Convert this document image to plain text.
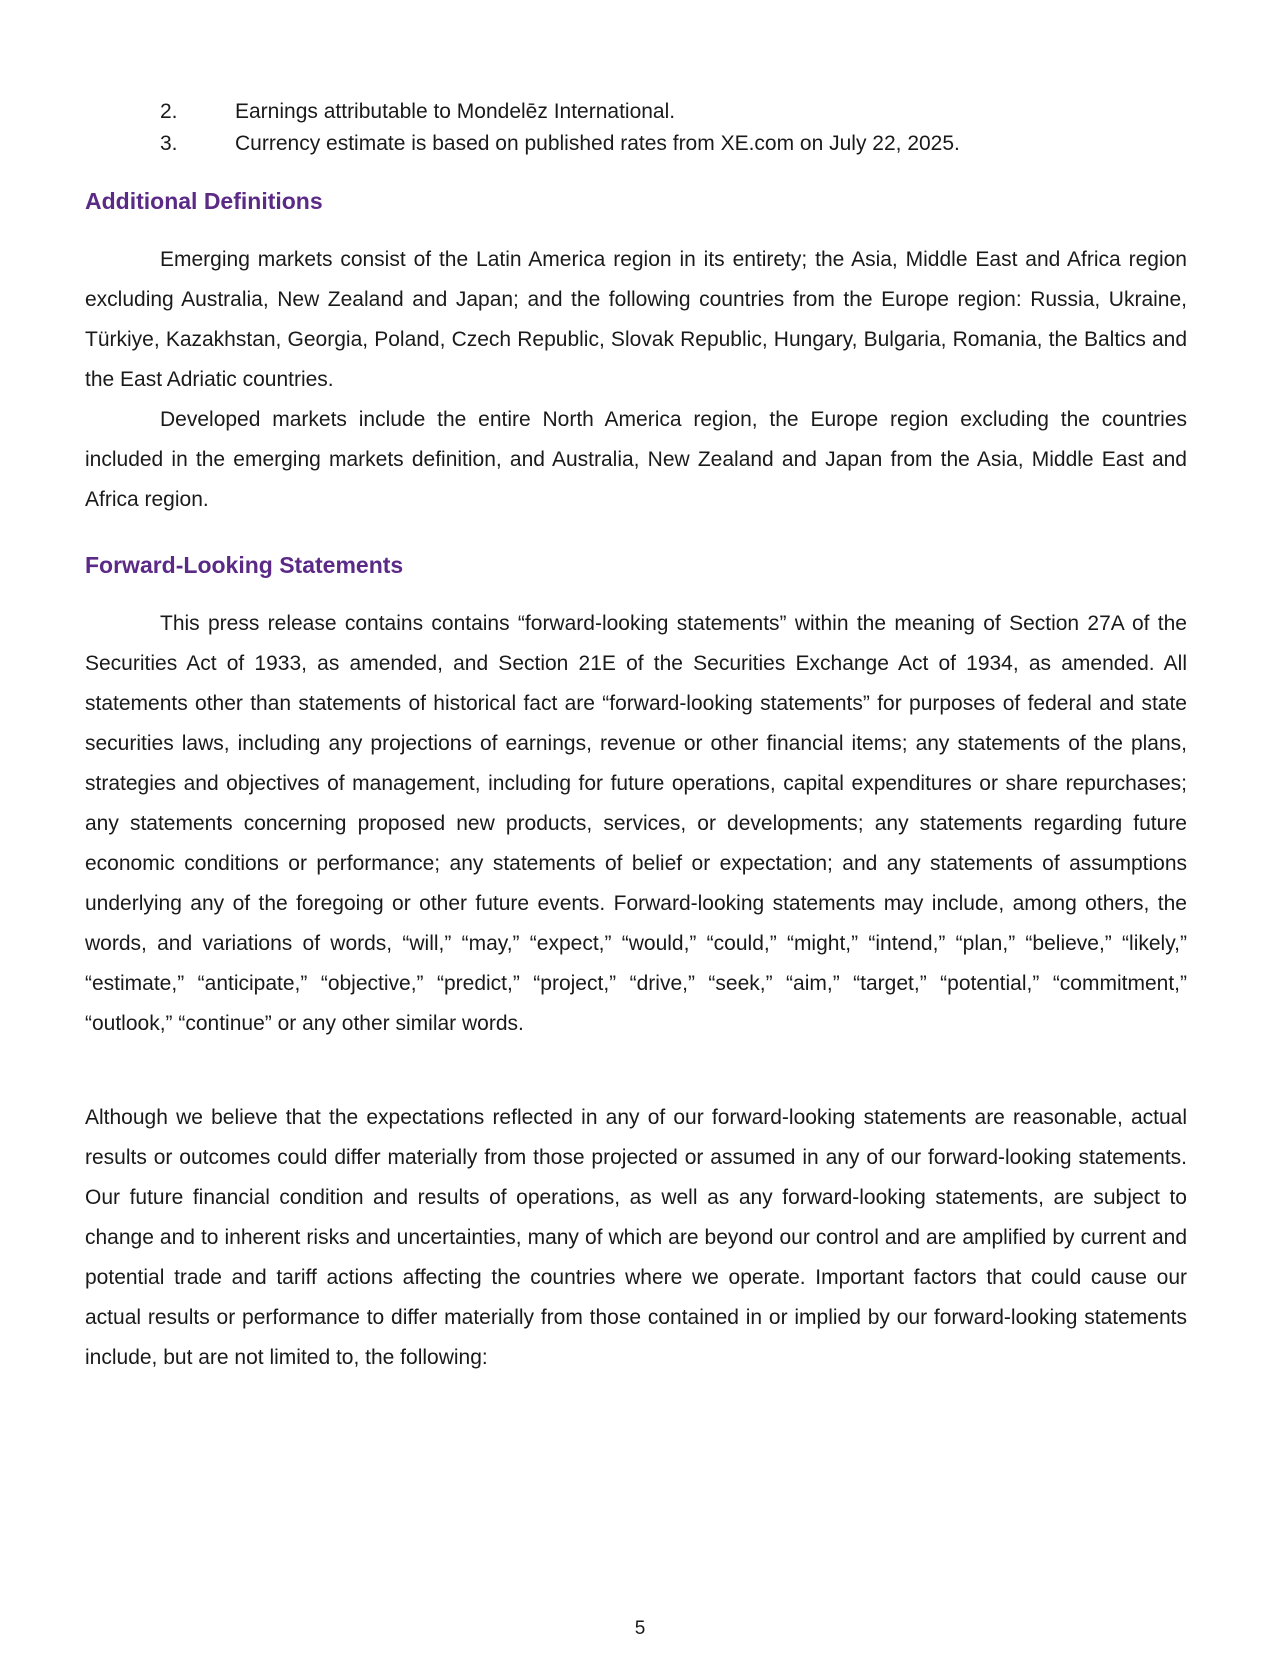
2.	Earnings attributable to Mondelēz International.
3.	Currency estimate is based on published rates from XE.com on July 22, 2025.
Additional Definitions

Emerging markets consist of the Latin America region in its entirety; the Asia, Middle East and Africa region excluding Australia, New Zealand and Japan; and the following countries from the Europe region: Russia, Ukraine, Türkiye, Kazakhstan, Georgia, Poland, Czech Republic, Slovak Republic, Hungary, Bulgaria, Romania, the Baltics and the East Adriatic countries.

Developed markets include the entire North America region, the Europe region excluding the countries included in the emerging markets definition, and Australia, New Zealand and Japan from the Asia, Middle East and Africa region.

Forward-Looking Statements

This press release contains contains “forward-looking statements” within the meaning of Section 27A of the Securities Act of 1933, as amended, and Section 21E of the Securities Exchange Act of 1934, as amended. All statements other than statements of historical fact are “forward-looking statements” for purposes of federal and state securities laws, including any projections of earnings, revenue or other financial items; any statements of the plans, strategies and objectives of management, including for future operations, capital expenditures or share repurchases; any statements concerning proposed new products, services, or developments; any statements regarding future economic conditions or performance; any statements of belief or expectation; and any statements of assumptions underlying any of the foregoing or other future events. Forward-looking statements may include, among others, the words, and variations of words, “will,” “may,” “expect,” “would,” “could,” “might,” “intend,” “plan,” “believe,” “likely,” “estimate,” “anticipate,” “objective,” “predict,” “project,” “drive,” “seek,” “aim,” “target,” “potential,” “commitment,” “outlook,” “continue” or any other similar words.

Although we believe that the expectations reflected in any of our forward-looking statements are reasonable, actual results or outcomes could differ materially from those projected or assumed in any of our forward-looking statements. Our future financial condition and results of operations, as well as any forward-looking statements, are subject to change and to inherent risks and uncertainties, many of which are beyond our control and are amplified by current and potential trade and tariff actions affecting the countries where we operate. Important factors that could cause our actual results or performance to differ materially from those contained in or implied by our forward-looking statements include, but are not limited to, the following:

5
